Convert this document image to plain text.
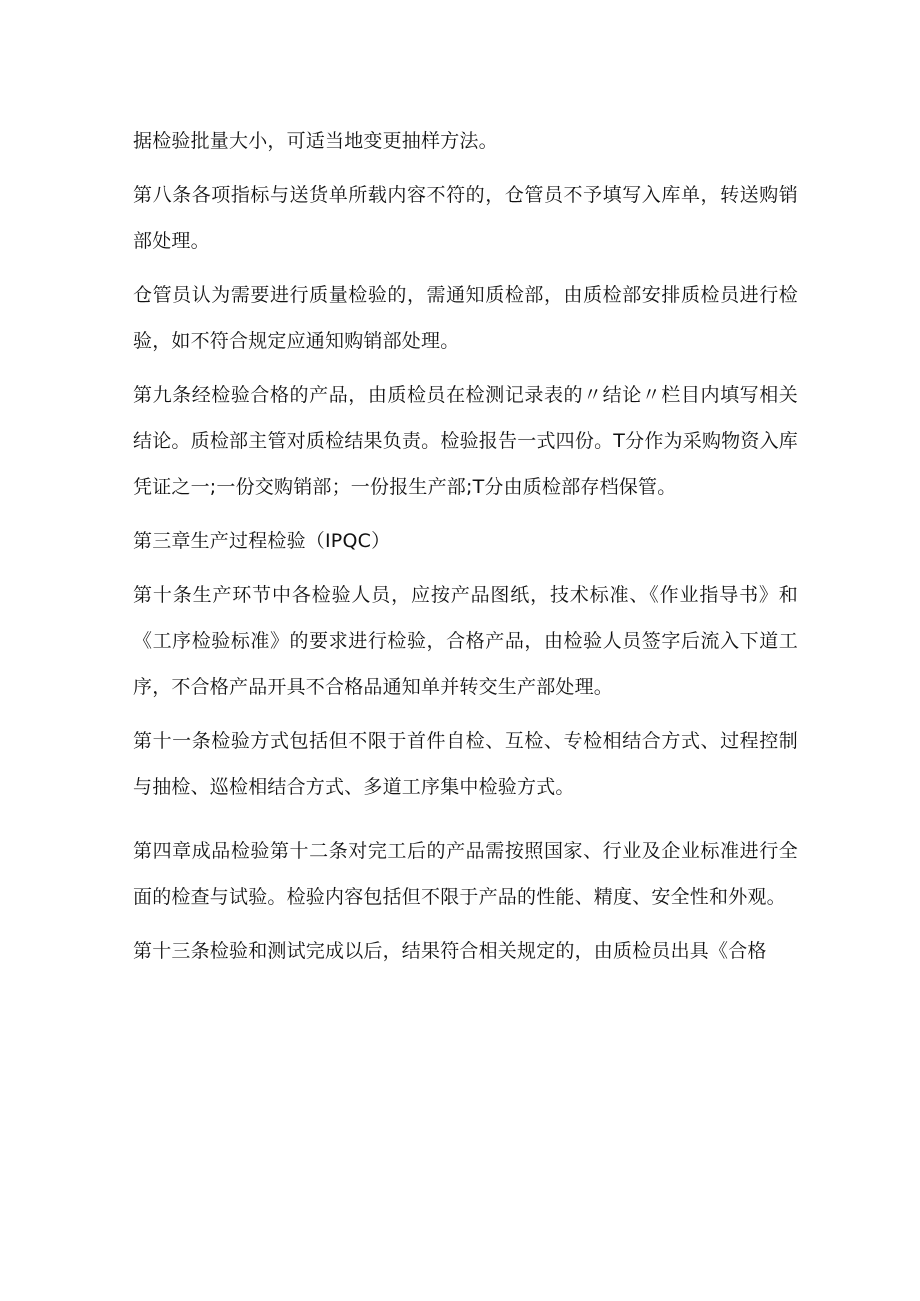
据检验批量大小，可适当地变更抽样方法。

第八条各项指标与送货单所载内容不符的，仓管员不予填写入库单，转送购销部处理。

仓管员认为需要进行质量检验的，需通知质检部，由质检部安排质检员进行检验，如不符合规定应通知购销部处理。

第九条经检验合格的产品，由质检员在检测记录表的〃结论〃栏目内填写相关结论。质检部主管对质检结果负责。检验报告一式四份。T分作为采购物资入库凭证之一;一份交购销部；一份报生产部;T分由质检部存档保管。

第三章生产过程检验（IPQC）

第十条生产环节中各检验人员，应按产品图纸，技术标准、《作业指导书》和《工序检验标准》的要求进行检验，合格产品，由检验人员签字后流入下道工序，不合格产品开具不合格品通知单并转交生产部处理。

第十一条检验方式包括但不限于首件自检、互检、专检相结合方式、过程控制与抽检、巡检相结合方式、多道工序集中检验方式。

第四章成品检验第十二条对完工后的产品需按照国家、行业及企业标准进行全面的检查与试验。检验内容包括但不限于产品的性能、精度、安全性和外观。

第十三条检验和测试完成以后，结果符合相关规定的，由质检员出具《合格
